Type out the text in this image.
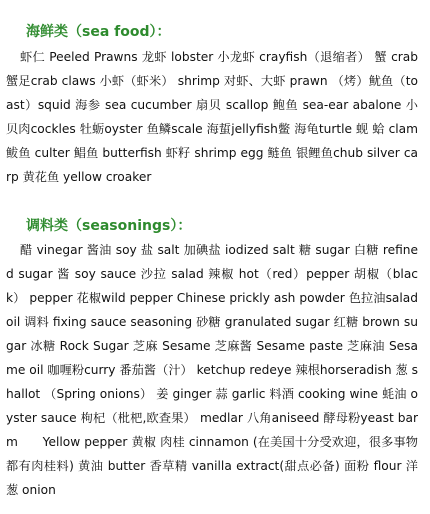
海鲜类（sea food）：

虾仁 Peeled Prawns 龙虾 lobster 小龙虾 crayfish（退缩者） 蟹 crab 蟹足crab claws 小虾（虾米） shrimp 对虾、大虾 prawn （烤）鱿鱼（toast）squid 海参 sea cucumber 扇贝 scallop 鲍鱼 sea-ear abalone 小贝肉cockles 牡蛎oyster 鱼鳞scale 海蜇jellyfish鳖 海龟turtle 蚬 蛤 clam 鲅鱼 culter 鲳鱼 butterfish 虾籽 shrimp egg 鲢鱼 银鲤鱼chub silver carp 黄花鱼 yellow croaker

调料类（seasonings）：

醋 vinegar 酱油 soy 盐 salt 加碘盐 iodized salt 糖 sugar 白糖 refined sugar 酱 soy sauce 沙拉 salad 辣椒 hot（red）pepper 胡椒（black） pepper 花椒wild pepper Chinese prickly ash powder 色拉油salad oil 调料 fixing sauce seasoning 砂糖 granulated sugar 红糖 brown sugar 冰糖 Rock Sugar 芝麻 Sesame 芝麻酱 Sesame paste 芝麻油 Sesame oil 咖喱粉curry 番茄酱（汁） ketchup redeye 辣根horseradish 葱 shallot （Spring onions） 姜 ginger 蒜 garlic 料酒 cooking wine 蚝油 oyster sauce 枸杞（枇杷,欧查果） medlar 八角aniseed 酵母粉yeast barm　　Yellow pepper 黄椒 肉桂 cinnamon (在美国十分受欢迎，很多事物都有肉桂料) 黄油 butter 香草精 vanilla extract(甜点必备) 面粉 flour 洋葱 onion
